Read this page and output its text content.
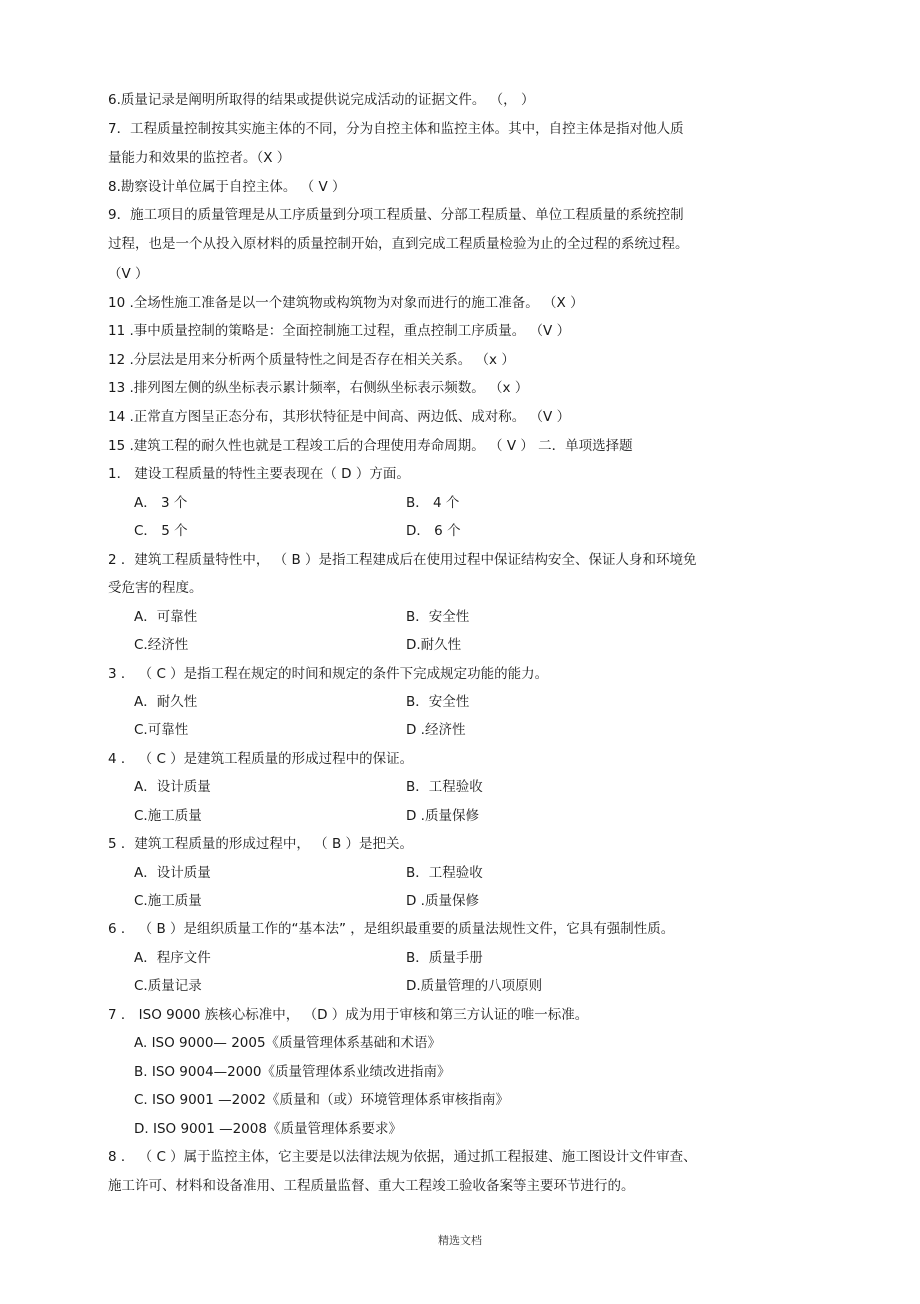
6.质量记录是阐明所取得的结果或提供说完成活动的证据文件。 （， ）
7．工程质量控制按其实施主体的不同，分为自控主体和监控主体。其中，自控主体是指对他人质
量能力和效果的监控者。（X ）
8.勘察设计单位属于自控主体。 （ V ）
9．施工项目的质量管理是从工序质量到分项工程质量、分部工程质量、单位工程质量的系统控制
过程，也是一个从投入原材料的质量控制开始，直到完成工程质量检验为止的全过程的系统过程。
（V ）
10 .全场性施工准备是以一个建筑物或构筑物为对象而进行的施工准备。 （X ）
11 .事中质量控制的策略是：全面控制施工过程，重点控制工序质量。 （V ）
12 .分层法是用来分析两个质量特性之间是否存在相关关系。 （x ）
13 .排列图左侧的纵坐标表示累计频率，右侧纵坐标表示频数。 （x ）
14 .正常直方图呈正态分布，其形状特征是中间高、两边低、成对称。 （V ）
15 .建筑工程的耐久性也就是工程竣工后的合理使用寿命周期。 （ V ） 二．单项选择题
1． 建设工程质量的特性主要表现在（ D ）方面。
A． 3 个	B． 4 个
C． 5 个	D． 6 个
2 ．建筑工程质量特性中， （ B ）是指工程建成后在使用过程中保证结构安全、保证人身和环境免
受危害的程度。
A．可靠性	B．安全性
C.经济性	D.耐久性
3 ． （ C ）是指工程在规定的时间和规定的条件下完成规定功能的能力。
A．耐久性	B．安全性
C.可靠性	D .经济性
4 ． （ C ）是建筑工程质量的形成过程中的保证。
A．设计质量	B．工程验收
C.施工质量	D .质量保修
5 ．建筑工程质量的形成过程中， （ B ）是把关。
A．设计质量	B．工程验收
C.施工质量	D .质量保修
6 ． （ B ）是组织质量工作的“基本法” ，是组织最重要的质量法规性文件，它具有强制性质。
A．程序文件	B．质量手册
C.质量记录	D.质量管理的八项原则
7 ． ISO 9000 族核心标准中， （D ）成为用于审核和第三方认证的唯一标准。
A. ISO 9000— 2005《质量管理体系基础和术语》
B. ISO 9004—2000《质量管理体系业绩改进指南》
C. ISO 9001 —2002《质量和（或）环境管理体系审核指南》
D. ISO 9001 —2008《质量管理体系要求》
8 ． （ C ）属于监控主体，它主要是以法律法规为依据，通过抓工程报建、施工图设计文件审查、
施工许可、材料和设备准用、工程质量监督、重大工程竣工验收备案等主要环节进行的。
精选文档
